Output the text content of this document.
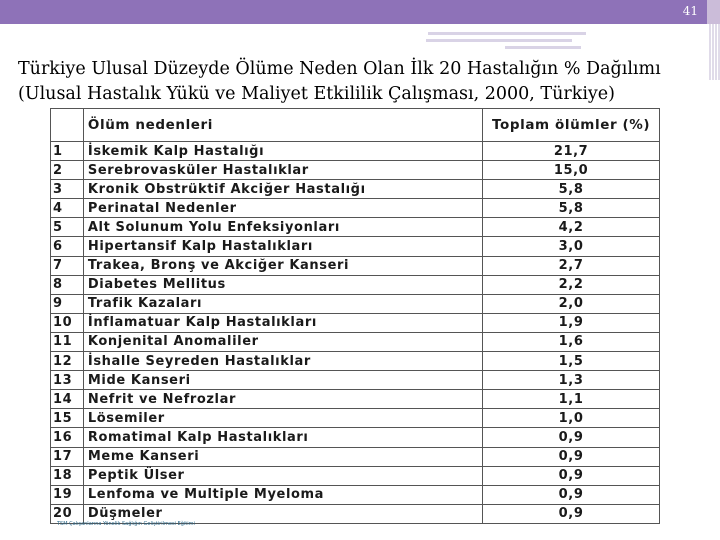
41
Türkiye Ulusal Düzeyde Ölüme Neden Olan İlk 20 Hastalığın % Dağılımı
(Ulusal Hastalık Yükü ve Maliyet Etkililik Çalışması, 2000, Türkiye)
	Ölüm nedenleri	Toplam ölümler (%)
1	İskemik Kalp Hastalığı	21,7
2	Serebrovasküler Hastalıklar	15,0
3	Kronik Obstrüktif Akciğer Hastalığı	5,8
4	Perinatal Nedenler	5,8
5	Alt Solunum Yolu Enfeksiyonları	4,2
6	Hipertansif Kalp Hastalıkları	3,0
7	Trakea, Bronş ve Akciğer Kanseri	2,7
8	Diabetes Mellitus	2,2
9	Trafik Kazaları	2,0
10	İnflamatuar Kalp Hastalıkları	1,9
11	Konjenital Anomaliler	1,6
12	İshalle Seyreden Hastalıklar	1,5
13	Mide Kanseri	1,3
14	Nefrit ve Nefrozlar	1,1
15	Lösemiler	1,0
16	Romatimal Kalp Hastalıkları	0,9
17	Meme Kanseri	0,9
18	Peptik Ülser	0,9
19	Lenfoma ve Multiple Myeloma	0,9
20	Düşmeler	0,9
TSM Çalışanlarına Yönelik Sağlığın Geliştirilmesi Eğitimi
